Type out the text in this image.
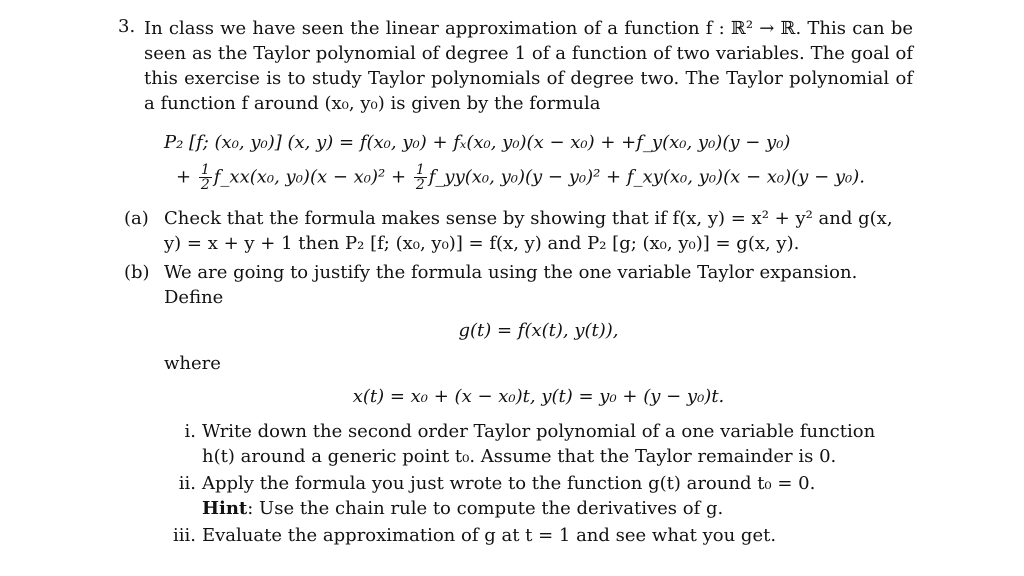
3. In class we have seen the linear approximation of a function f : ℝ² → ℝ. This can be seen as the Taylor polynomial of degree 1 of a function of two variables. The goal of this exercise is to study Taylor polynomials of degree two. The Taylor polynomial of a function f around (x₀, y₀) is given by the formula
P₂ [f; (x₀, y₀)] (x, y) = f(x₀, y₀) + fₓ(x₀, y₀)(x − x₀) + +f_y(x₀, y₀)(y − y₀)
+ $\frac{1}{2}$ f_xx(x₀, $y_0)(x - x_0)^2 + \frac{1}{2}$ f_yy(x₀, y₀)(y − y₀)² + f_xy(x₀, y₀)(x − x₀)(y − y₀).
(a) Check that the formula makes sense by showing that if f(x, y) = x² + y² and g(x, y) = x + y + 1 then P₂ [f; (x₀, y₀)] = f(x, y) and P₂ [g; (x₀, y₀)] = g(x, y).
(b) We are going to justify the formula using the one variable Taylor expansion. Define
g(t) = f(x(t), y(t)),
where
x(t) = x₀ + (x − x₀)t, y(t) = y₀ + (y − y₀)t.
i. Write down the second order Taylor polynomial of a one variable function h(t) around a generic point t₀. Assume that the Taylor remainder is 0.
ii. Apply the formula you just wrote to the function g(t) around t₀ = 0.
Hint: Use the chain rule to compute the derivatives of g.
iii. Evaluate the approximation of g at t = 1 and see what you get.
